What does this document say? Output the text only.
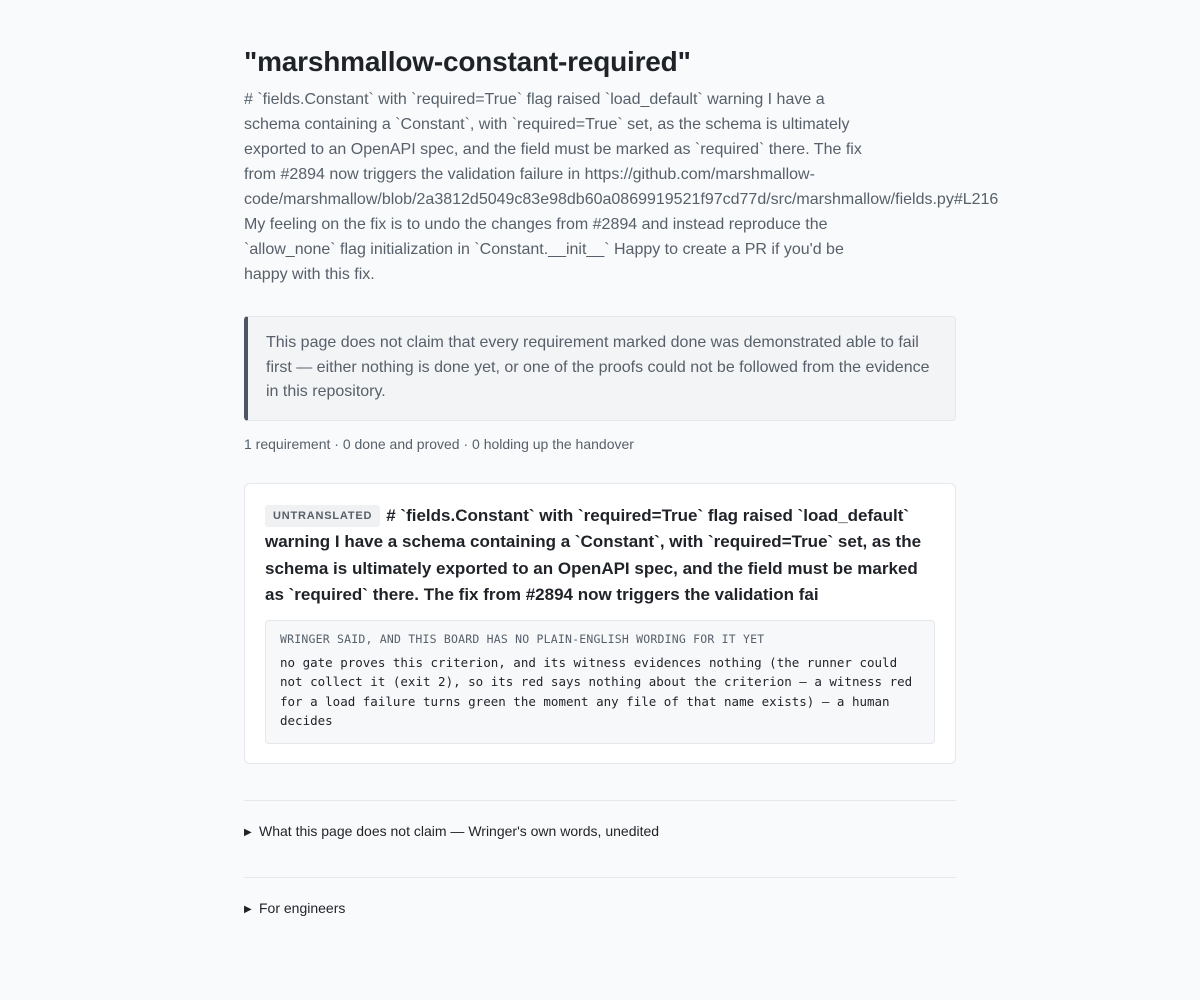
"marshmallow-constant-required"
# `fields.Constant` with `required=True` flag raised `load_default` warning I have a schema containing a `Constant`, with `required=True` set, as the schema is ultimately exported to an OpenAPI spec, and the field must be marked as `required` there. The fix from #2894 now triggers the validation failure in https://github.com/marshmallow-
code/marshmallow/blob/2a3812d5049c83e98db60a0869919521f97cd77d/src/marshmallow/fields.py#L216
My feeling on the fix is to undo the changes from #2894 and instead reproduce the `allow_none` flag initialization in `Constant.__init__` Happy to create a PR if you'd be happy with this fix.
This page does not claim that every requirement marked done was demonstrated able to fail first — either nothing is done yet, or one of the proofs could not be followed from the evidence in this repository.
1 requirement · 0 done and proved · 0 holding up the handover
UNTRANSLATED # `fields.Constant` with `required=True` flag raised `load_default` warning I have a schema containing a `Constant`, with `required=True` set, as the schema is ultimately exported to an OpenAPI spec, and the field must be marked as `required` there. The fix from #2894 now triggers the validation fai
WRINGER SAID, AND THIS BOARD HAS NO PLAIN-ENGLISH WORDING FOR IT YET
no gate proves this criterion, and its witness evidences nothing (the runner could not collect it (exit 2), so its red says nothing about the criterion — a witness red for a load failure turns green the moment any file of that name exists) — a human decides
▶ What this page does not claim — Wringer's own words, unedited
▶ For engineers
